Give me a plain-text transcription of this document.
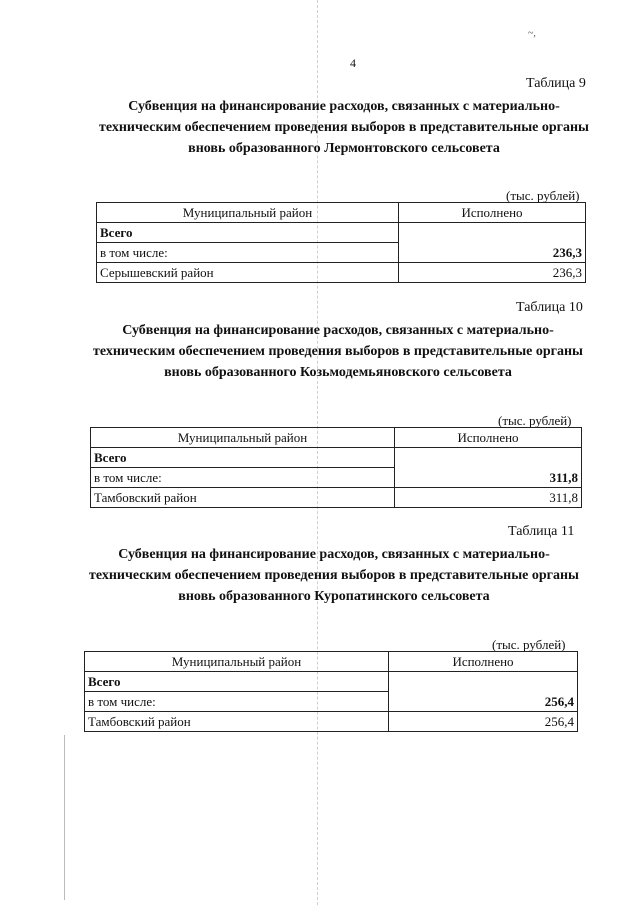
~,
4
Таблица 9
Субвенция на финансирование расходов, связанных с материально-техническим обеспечением проведения выборов в представительные органы вновь образованного Лермонтовского сельсовета
(тыс. рублей)
Муниципальный район	Исполнено
Всего	236,3
в том числе:	
Серышевский район	236,3
Таблица 10
Субвенция на финансирование расходов, связанных с материально-техническим обеспечением проведения выборов в представительные органы вновь образованного Козьмодемьяновского сельсовета
(тыс. рублей)
Муниципальный район	Исполнено
Всего	311,8
в том числе:	
Тамбовский район	311,8
Таблица 11
Субвенция на финансирование расходов, связанных с материально-техническим обеспечением проведения выборов в представительные органы вновь образованного Куропатинского сельсовета
(тыс. рублей)
Муниципальный район	Исполнено
Всего	256,4
в том числе:	
Тамбовский район	256,4
